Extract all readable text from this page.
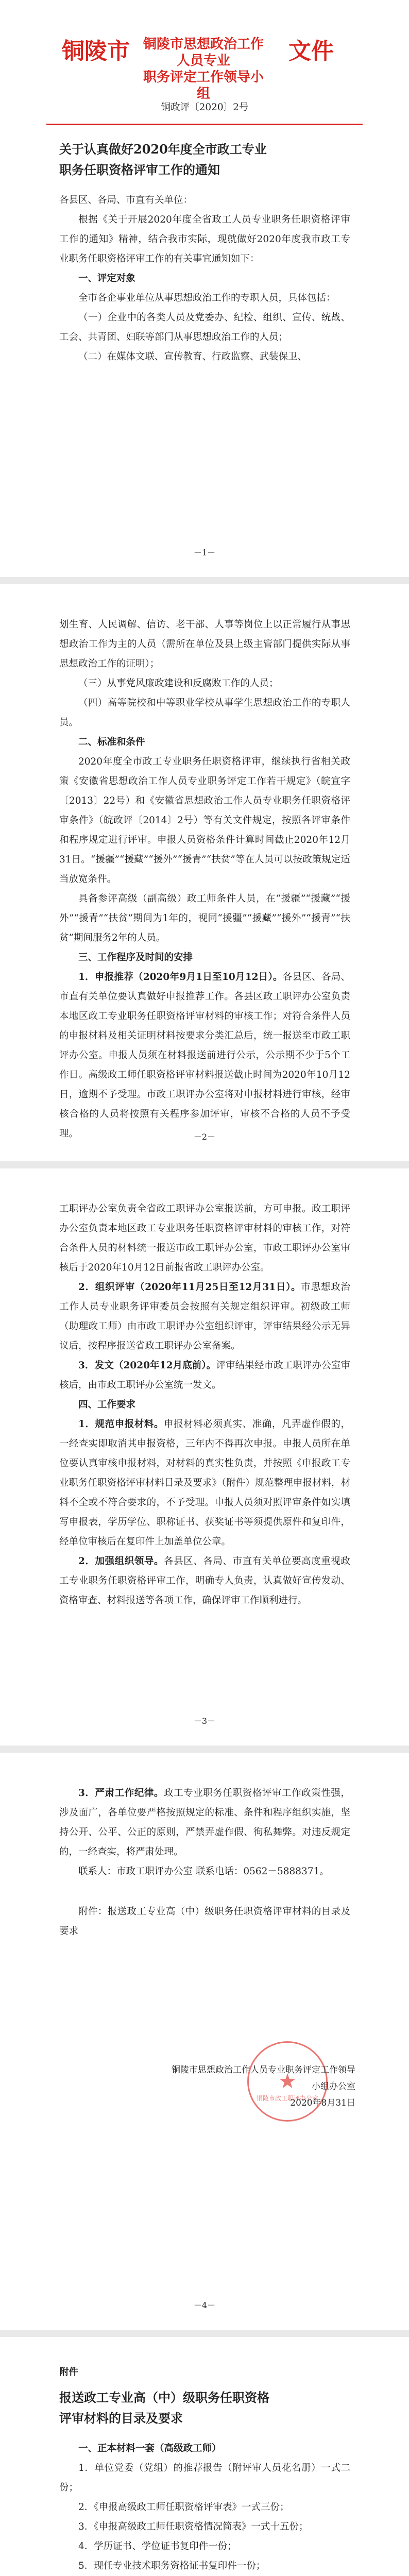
铜陵市 铜陵市思想政治工作人员专业
职务评定工作领导小组
文件

铜政评〔2020〕2号

关于认真做好2020年度全市政工专业

职务任职资格评审工作的通知

各县区、各局、市直有关单位：

根据《关于开展2020年度全省政工人员专业职务任职资格评审工作的通知》精神，结合我市实际，现就做好2020年度我市政工专业职务任职资格评审工作的有关事宜通知如下：

一、评定对象

全市各企事业单位从事思想政治工作的专职人员，具体包括：

（一）企业中的各类人员及党委办、纪检、组织、宣传、统战、工会、共青团、妇联等部门从事思想政治工作的人员；

（二）在媒体文联、宣传教育、行政监察、武装保卫、

－1－

划生育、人民调解、信访、老干部、人事等岗位上以正常履行从事思想政治工作为主的人员（需所在单位及县上级主管部门提供实际从事思想政治工作的证明）；

（三）从事党风廉政建设和反腐败工作的人员；

（四）高等院校和中等职业学校从事学生思想政治工作的专职人员。

二、标准和条件

2020年度全市政工专业职务任职资格评审，继续执行省相关政策《安徽省思想政治工作人员专业职务评定工作若干规定》（皖宣字〔2013〕22号）和《安徽省思想政治工作人员专业职务任职资格评审条件》（皖政评〔2014〕2号）等有关文件规定，按照各评审条件和程序规定进行评审。申报人员资格条件计算时间截止2020年12月31日。“援疆”“援藏”“援外”“援青”“扶贫”等在人员可以按政策规定适当放宽条件。

具备参评高级（副高级）政工师条件人员，在“援疆”“援藏”“援外”“援青”“扶贫”期间为1年的，视同“援疆”“援藏”“援外”“援青”“扶贫”期间服务2年的人员。

三、工作程序及时间的安排

1．申报推荐（2020年9月1日至10月12日）。各县区、各局、市直有关单位要认真做好申报推荐工作。各县区政工职评办公室负责本地区政工专业职务任职资格评审材料的审核工作；对符合条件人员的申报材料及相关证明材料按要求分类汇总后，统一报送至市政工职评办公室。申报人员须在材料报送前进行公示，公示期不少于5个工作日。高级政工师任职资格评审材料报送截止时间为2020年10月12日，逾期不予受理。市政工职评办公室将对申报材料进行审核，经审核合格的人员将按照有关程序参加评审，审核不合格的人员不予受理。	－2－

工职评办公室负责全省政工职评办公室报送前，方可申报。政工职评办公室负责本地区政工专业职务任职资格评审材料的审核工作，对符合条件人员的材料统一报送市政工职评办公室，市政工职评办公室审核后于2020年10月12日前报省政工职评办公室。

2．组织评审（2020年11月25日至12月31日）。市思想政治工作人员专业职务评审委员会按照有关规定组织评审。初级政工师（助理政工师）由市政工职评办公室组织评审，评审结果经公示无异议后，按程序报送省政工职评办公室备案。

3．发文（2020年12月底前）。评审结果经市政工职评办公室审核后，由市政工职评办公室统一发文。

四、工作要求

1．规范申报材料。申报材料必须真实、准确，凡弄虚作假的，一经查实即取消其申报资格，三年内不得再次申报。申报人员所在单位要认真审核申报材料，对材料的真实性负责，并按照《申报政工专业职务任职资格评审材料目录及要求》（附件）规范整理申报材料，材料不全或不符合要求的，不予受理。申报人员须对照评审条件如实填写申报表，学历学位、职称证书、获奖证书等须提供原件和复印件，经单位审核后在复印件上加盖单位公章。

2．加强组织领导。各县区、各局、市直有关单位要高度重视政工专业职务任职资格评审工作，明确专人负责，认真做好宣传发动、资格审查、材料报送等各项工作，确保评审工作顺利进行。

－3－

3．严肃工作纪律。政工专业职务任职资格评审工作政策性强，涉及面广，各单位要严格按照规定的标准、条件和程序组织实施，坚持公开、公平、公正的原则，严禁弄虚作假、徇私舞弊。对违反规定的，一经查实，将严肃处理。

联系人：市政工职评办公室 联系电话：0562－5888371。

附件：报送政工专业高（中）级职务任职资格评审材料的目录及要求

★
铜陵市政工职评办公室
铜陵市思想政治工作人员专业职务评定工作领导小组办公室
2020年8月31日
－4－

附件

报送政工专业高（中）级职务任职资格

评审材料的目录及要求

一、正本材料一套（高级政工师）

1．单位党委（党组）的推荐报告（附评审人员花名册）一式二份；

2．《申报高级政工师任职资格评审表》一式三份；

3．《申报高级政工师任职资格情况简表》一式十五份；

4．学历证书、学位证书复印件一份；

5．现任专业技术职务资格证书复印件一份；
